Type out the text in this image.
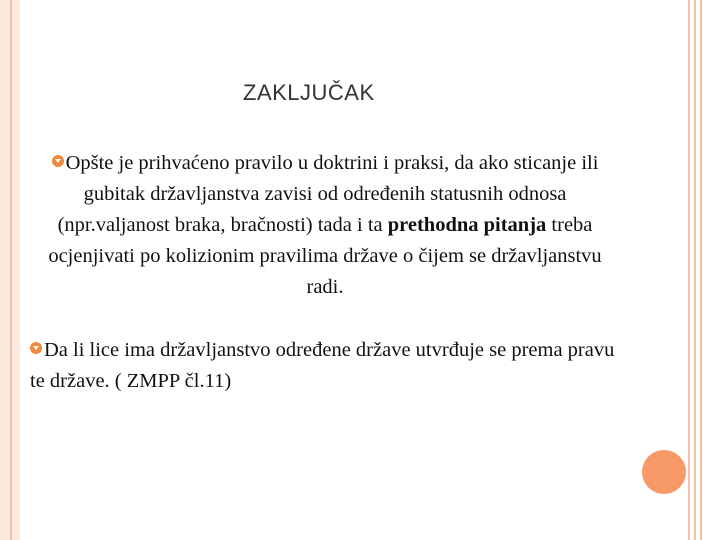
ZAKLJUČAK
Opšte je prihvaćeno pravilo u doktrini i praksi, da ako sticanje ili gubitak državljanstva zavisi od određenih statusnih odnosa (npr.valjanost braka, bračnosti) tada i ta prethodna pitanja treba ocjenjivati po kolizionim pravilima države o čijem se državljanstvu radi.
Da li lice ima državljanstvo određene države utvrđuje se prema pravu te države. ( ZMPP čl.11)
